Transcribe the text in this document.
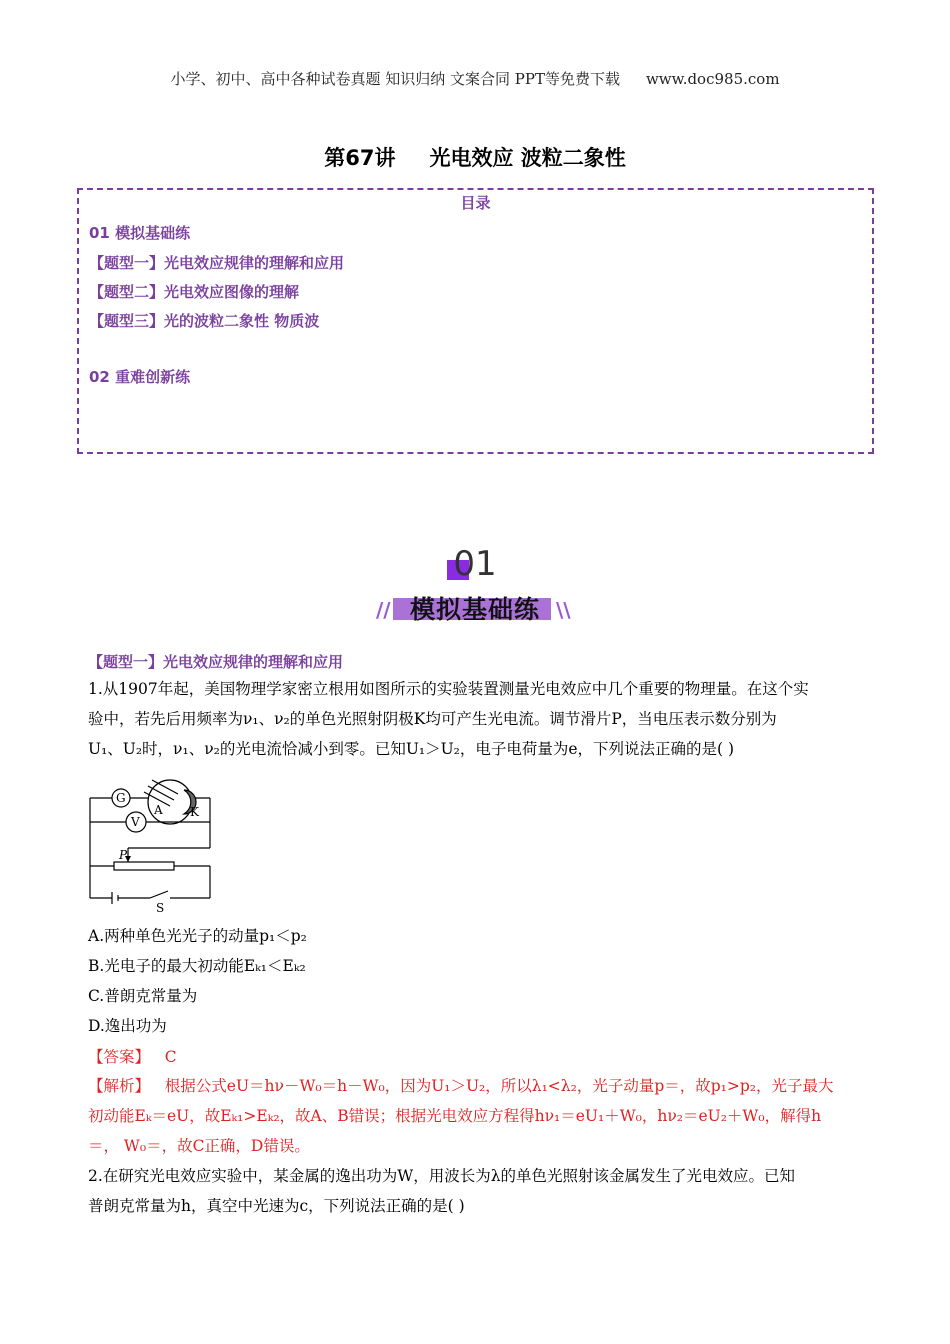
小学、初中、高中各种试卷真题 知识归纳 文案合同 PPT等免费下载 www.doc985.com
第67讲 光电效应 波粒二象性
目录
01 模拟基础练
【题型一】光电效应规律的理解和应用
【题型二】光电效应图像的理解
【题型三】光的波粒二象性 物质波
02 重难创新练
01
//	\\
模拟基础练
【题型一】光电效应规律的理解和应用
1.从1907年起，美国物理学家密立根用如图所示的实验装置测量光电效应中几个重要的物理量。在这个实
验中，若先后用频率为ν₁、ν₂的单色光照射阴极K均可产生光电流。调节滑片P，当电压表示数分别为
U₁、U₂时，ν₁、ν₂的光电流恰减小到零。已知U₁＞U₂，电子电荷量为e，下列说法正确的是( )
G
A K
V
P
S
A.两种单色光光子的动量p₁＜p₂
B.光电子的最大初动能Eₖ₁＜Eₖ₂
C.普朗克常量为
D.逸出功为
【答案】 C
【解析】 根据公式eU＝hν－W₀＝h－W₀，因为U₁＞U₂，所以λ₁<λ₂，光子动量p＝，故p₁>p₂，光子最大
初动能Eₖ＝eU，故Eₖ₁>Eₖ₂，故A、B错误；根据光电效应方程得hν₁＝eU₁＋W₀，hν₂＝eU₂＋W₀，解得h
＝， W₀＝，故C正确，D错误。
2.在研究光电效应实验中，某金属的逸出功为W，用波长为λ的单色光照射该金属发生了光电效应。已知
普朗克常量为h，真空中光速为c，下列说法正确的是( )
